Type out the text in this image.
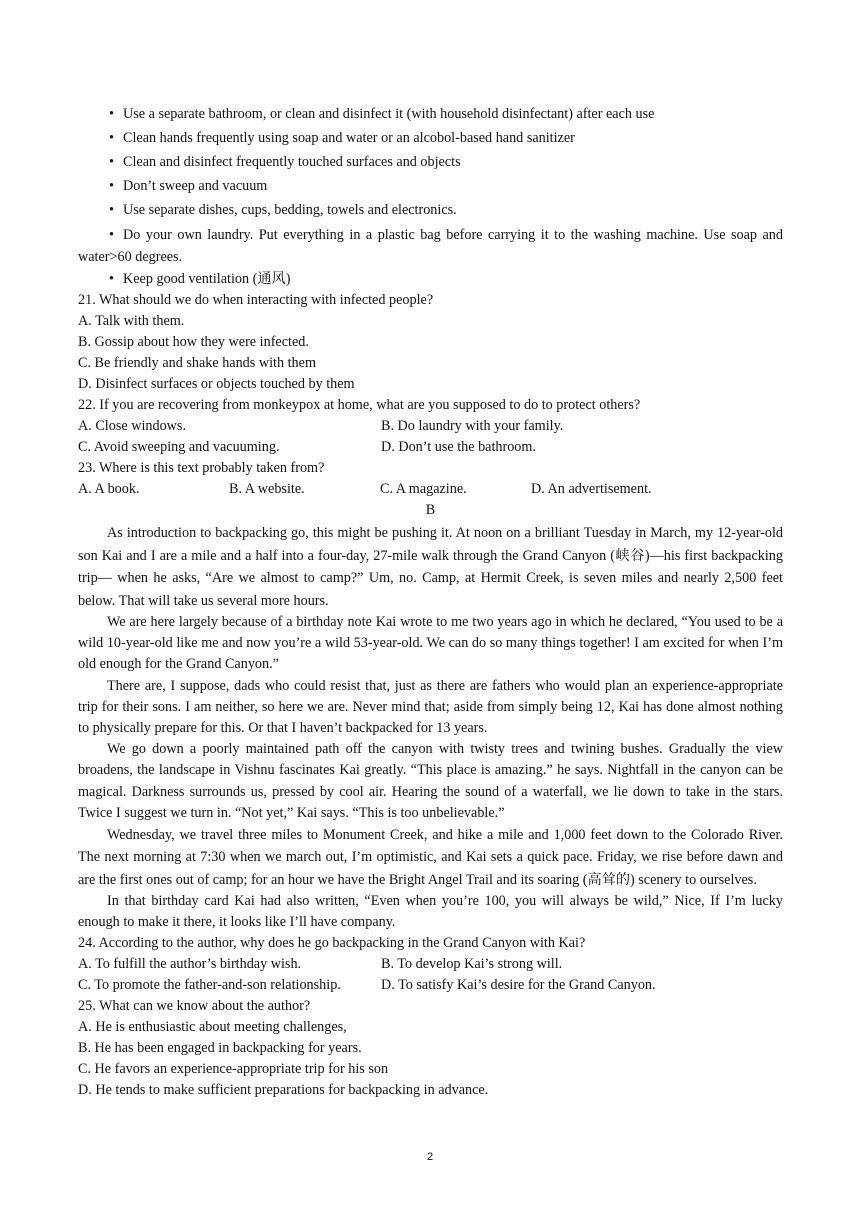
• Use a separate bathroom, or clean and disinfect it (with household disinfectant) after each use
• Clean hands frequently using soap and water or an alcobol-based hand sanitizer
• Clean and disinfect frequently touched surfaces and objects
• Don’t sweep and vacuum
• Use separate dishes, cups, bedding, towels and electronics.

• Do your own laundry. Put everything in a plastic bag before carrying it to the washing machine. Use soap and water>60 degrees.

• Keep good ventilation (通风)
21. What should we do when interacting with infected people?
A. Talk with them.
B. Gossip about how they were infected.
C. Be friendly and shake hands with them
D. Disinfect surfaces or objects touched by them
22. If you are recovering from monkeypox at home, what are you supposed to do to protect others?
A. Close windows.	B. Do laundry with your family.
C. Avoid sweeping and vacuuming.	D. Don’t use the bathroom.
23. Where is this text probably taken from?
A. A book.	B. A website.	C. A magazine.	D. An advertisement.
B

As introduction to backpacking go, this might be pushing it. At noon on a brilliant Tuesday in March, my 12-year-old son Kai and I are a mile and a half into a four-day, 27-mile walk through the Grand Canyon (峡谷)—his first backpacking trip— when he asks, “Are we almost to camp?” Um, no. Camp, at Hermit Creek, is seven miles and nearly 2,500 feet below. That will take us several more hours.

We are here largely because of a birthday note Kai wrote to me two years ago in which he declared, “You used to be a wild 10-year-old like me and now you’re a wild 53-year-old. We can do so many things together! I am excited for when I’m old enough for the Grand Canyon.”

There are, I suppose, dads who could resist that, just as there are fathers who would plan an experience-appropriate trip for their sons. I am neither, so here we are. Never mind that; aside from simply being 12, Kai has done almost nothing to physically prepare for this. Or that I haven’t backpacked for 13 years.

We go down a poorly maintained path off the canyon with twisty trees and twining bushes. Gradually the view broadens, the landscape in Vishnu fascinates Kai greatly. “This place is amazing.” he says. Nightfall in the canyon can be magical. Darkness surrounds us, pressed by cool air. Hearing the sound of a waterfall, we lie down to take in the stars. Twice I suggest we turn in. “Not yet,” Kai says. “This is too unbelievable.”

Wednesday, we travel three miles to Monument Creek, and hike a mile and 1,000 feet down to the Colorado River. The next morning at 7:30 when we march out, I’m optimistic, and Kai sets a quick pace. Friday, we rise before dawn and are the first ones out of camp; for an hour we have the Bright Angel Trail and its soaring (高耸的) scenery to ourselves.

In that birthday card Kai had also written, “Even when you’re 100, you will always be wild,” Nice, If I’m lucky enough to make it there, it looks like I’ll have company.

24. According to the author, why does he go backpacking in the Grand Canyon with Kai?
A. To fulfill the author’s birthday wish.	B. To develop Kai’s strong will.
C. To promote the father-and-son relationship.	D. To satisfy Kai’s desire for the Grand Canyon.
25. What can we know about the author?
A. He is enthusiastic about meeting challenges,
B. He has been engaged in backpacking for years.
C. He favors an experience-appropriate trip for his son
D. He tends to make sufficient preparations for backpacking in advance.
2
